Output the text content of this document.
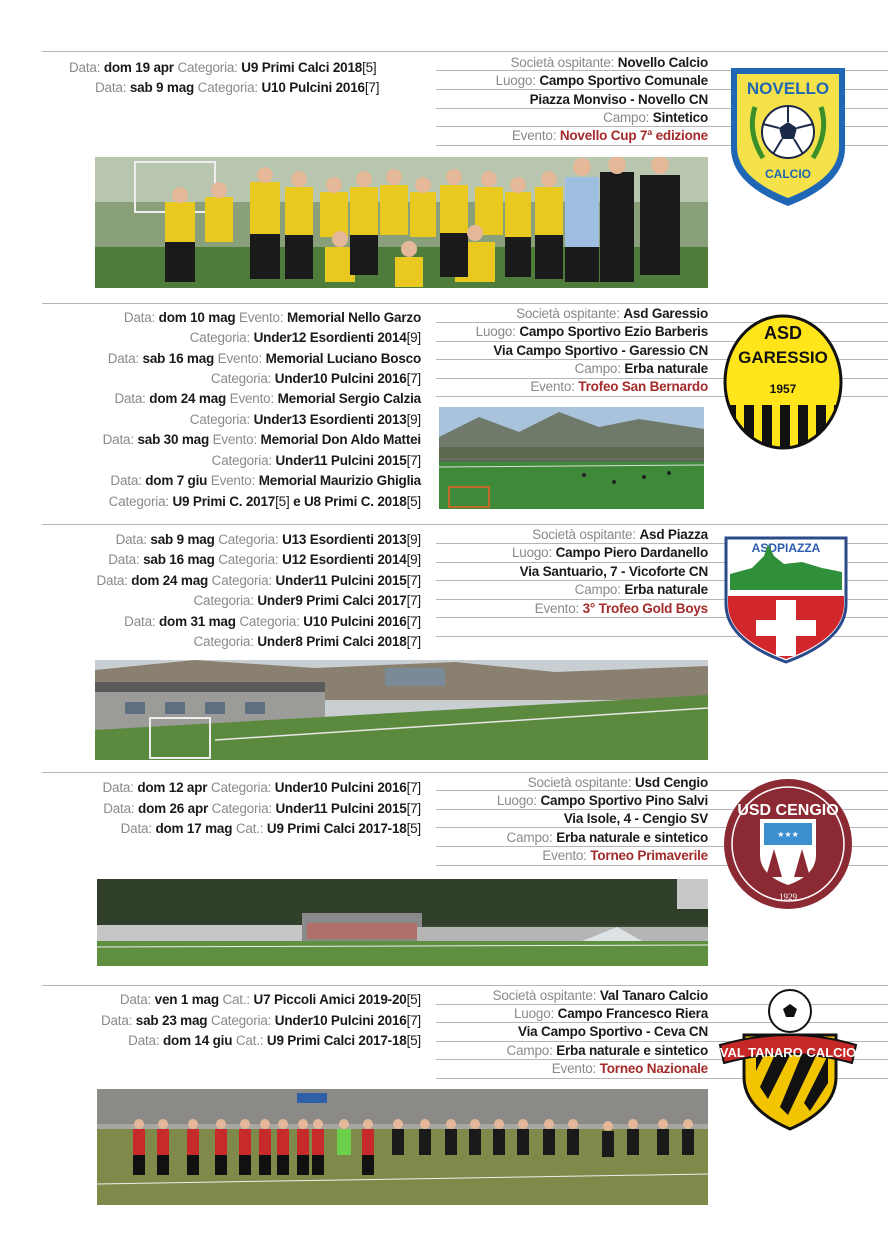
Data: dom 19 apr Categoria: U9 Primi Calci 2018[5]
Data: sab 9 mag Categoria: U10 Pulcini 2016[7]
Società ospitante: Novello Calcio
Luogo: Campo Sportivo Comunale
Piazza Monviso - Novello CN
Campo: Sintetico
Evento: Novello Cup 7ª edizione
NOVELLO
CALCIO
Data: dom 10 mag Evento: Memorial Nello Garzo
Categoria: Under12 Esordienti 2014[9]
Data: sab 16 mag Evento: Memorial Luciano Bosco
Categoria: Under10 Pulcini 2016[7]
Data: dom 24 mag Evento: Memorial Sergio Calzia
Categoria: Under13 Esordienti 2013[9]
Data: sab 30 mag Evento: Memorial Don Aldo Mattei
Categoria: Under11 Pulcini 2015[7]
Data: dom 7 giu Evento: Memorial Maurizio Ghiglia
Categoria: U9 Primi C. 2017[5] e U8 Primi C. 2018[5]
Società ospitante: Asd Garessio
Luogo: Campo Sportivo Ezio Barberis
Via Campo Sportivo - Garessio CN
Campo: Erba naturale
Evento: Trofeo San Bernardo
ASD
GARESSIO
1957
Data: sab 9 mag Categoria: U13 Esordienti 2013[9]
Data: sab 16 mag Categoria: U12 Esordienti 2014[9]
Data: dom 24 mag Categoria: Under11 Pulcini 2015[7]
Categoria: Under9 Primi Calci 2017[7]
Data: dom 31 mag Categoria: U10 Pulcini 2016[7]
Categoria: Under8 Primi Calci 2018[7]
Società ospitante: Asd Piazza
Luogo: Campo Piero Dardanello
Via Santuario, 7 - Vicoforte CN
Campo: Erba naturale
Evento: 3° Trofeo Gold Boys
ASDPIAZZA
Data: dom 12 apr Categoria: Under10 Pulcini 2016[7]
Data: dom 26 apr Categoria: Under11 Pulcini 2015[7]
Data: dom 17 mag Cat.: U9 Primi Calci 2017-18[5]
Società ospitante: Usd Cengio
Luogo: Campo Sportivo Pino Salvi
Via Isole, 4 - Cengio SV
Campo: Erba naturale e sintetico
Evento: Torneo Primaverile
USD CENGIO
★★★
1929
Data: ven 1 mag Cat.: U7 Piccoli Amici 2019-20[5]
Data: sab 23 mag Categoria: Under10 Pulcini 2016[7]
Data: dom 14 giu Cat.: U9 Primi Calci 2017-18[5]
Società ospitante: Val Tanaro Calcio
Luogo: Campo Francesco Riera
Via Campo Sportivo - Ceva CN
Campo: Erba naturale e sintetico
Evento: Torneo Nazionale
VAL TANARO CALCIO
